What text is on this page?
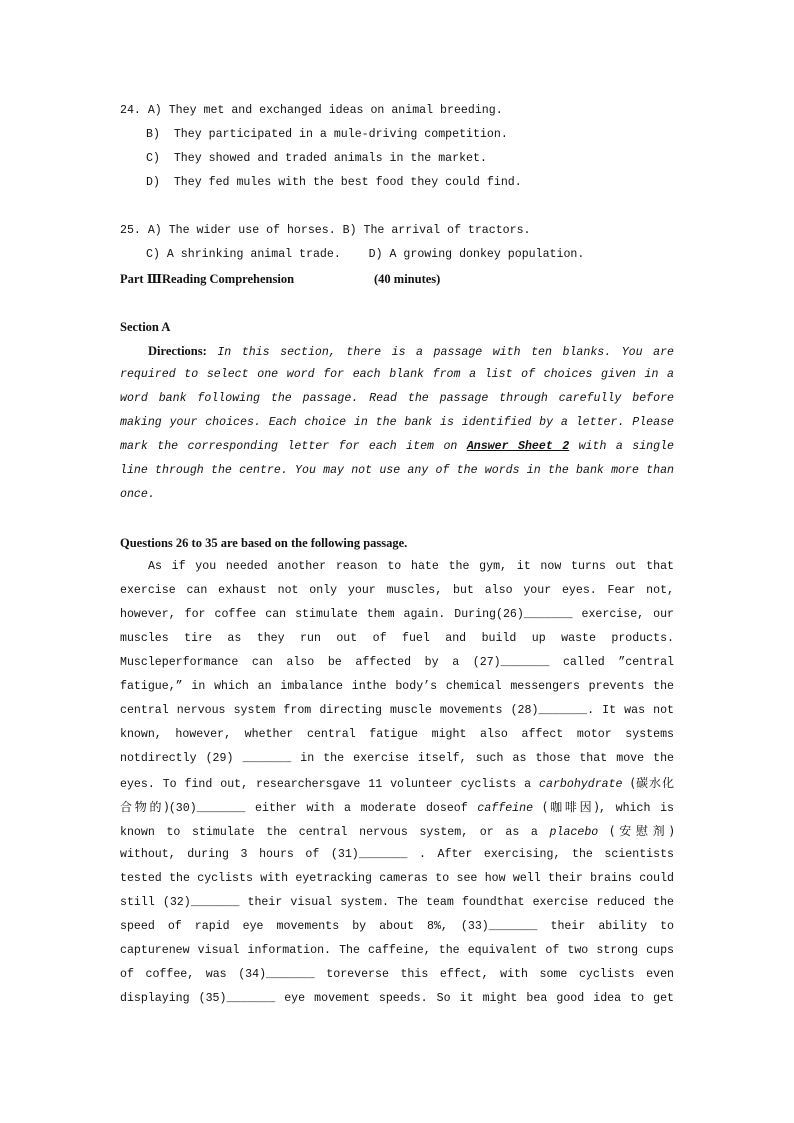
24. A) They met and exchanged ideas on animal breeding.
B)  They participated in a mule-driving competition.
C)  They showed and traded animals in the market.
D)  They fed mules with the best food they could find.
25. A) The wider use of horses. B) The arrival of tractors.
C) A shrinking animal trade.    D) A growing donkey population.
Part ⅢReading Comprehension	(40 minutes)
Section A
Directions: In this section, there is a passage with ten blanks. You are
required to select one word for each blank from a list of choices given in a
word bank following the passage. Read the passage through carefully before
making your choices. Each choice in the bank is identified by a letter. Please
mark the corresponding letter for each item on Answer Sheet 2 with a single
line through the centre. You may not use any of the words in the bank more than
once.
Questions 26 to 35 are based on the following passage.
As if you needed another reason to hate the gym, it now turns out that
exercise can exhaust not only your muscles, but also your eyes. Fear not,
however, for coffee can stimulate them again. During(26)_______ exercise, our
muscles tire as they run out of fuel and build up waste products.
Muscleperformance can also be affected by a (27)_______ called ”central
fatigue,” in which an imbalance inthe body’s chemical messengers prevents the
central nervous system from directing muscle movements (28)_______. It was not
known, however, whether central fatigue might also affect motor systems
notdirectly (29) _______ in the exercise itself, such as those that move the
eyes. To find out, researchersgave 11 volunteer cyclists a carbohydrate (碳水化
合物的)(30)_______ either with a moderate doseof caffeine (咖啡因), which is
known to stimulate the central nervous system, or as a placebo (安慰剂)
without, during 3 hours of (31)_______ . After exercising, the scientists
tested the cyclists with eyetracking cameras to see how well their brains could
still (32)_______ their visual system. The team foundthat exercise reduced the
speed of rapid eye movements by about 8%, (33)_______ their ability to
capturenew visual information. The caffeine, the equivalent of two strong cups
of coffee, was (34)_______ toreverse this effect, with some cyclists even
displaying (35)_______ eye movement speeds. So it might bea good idea to get
